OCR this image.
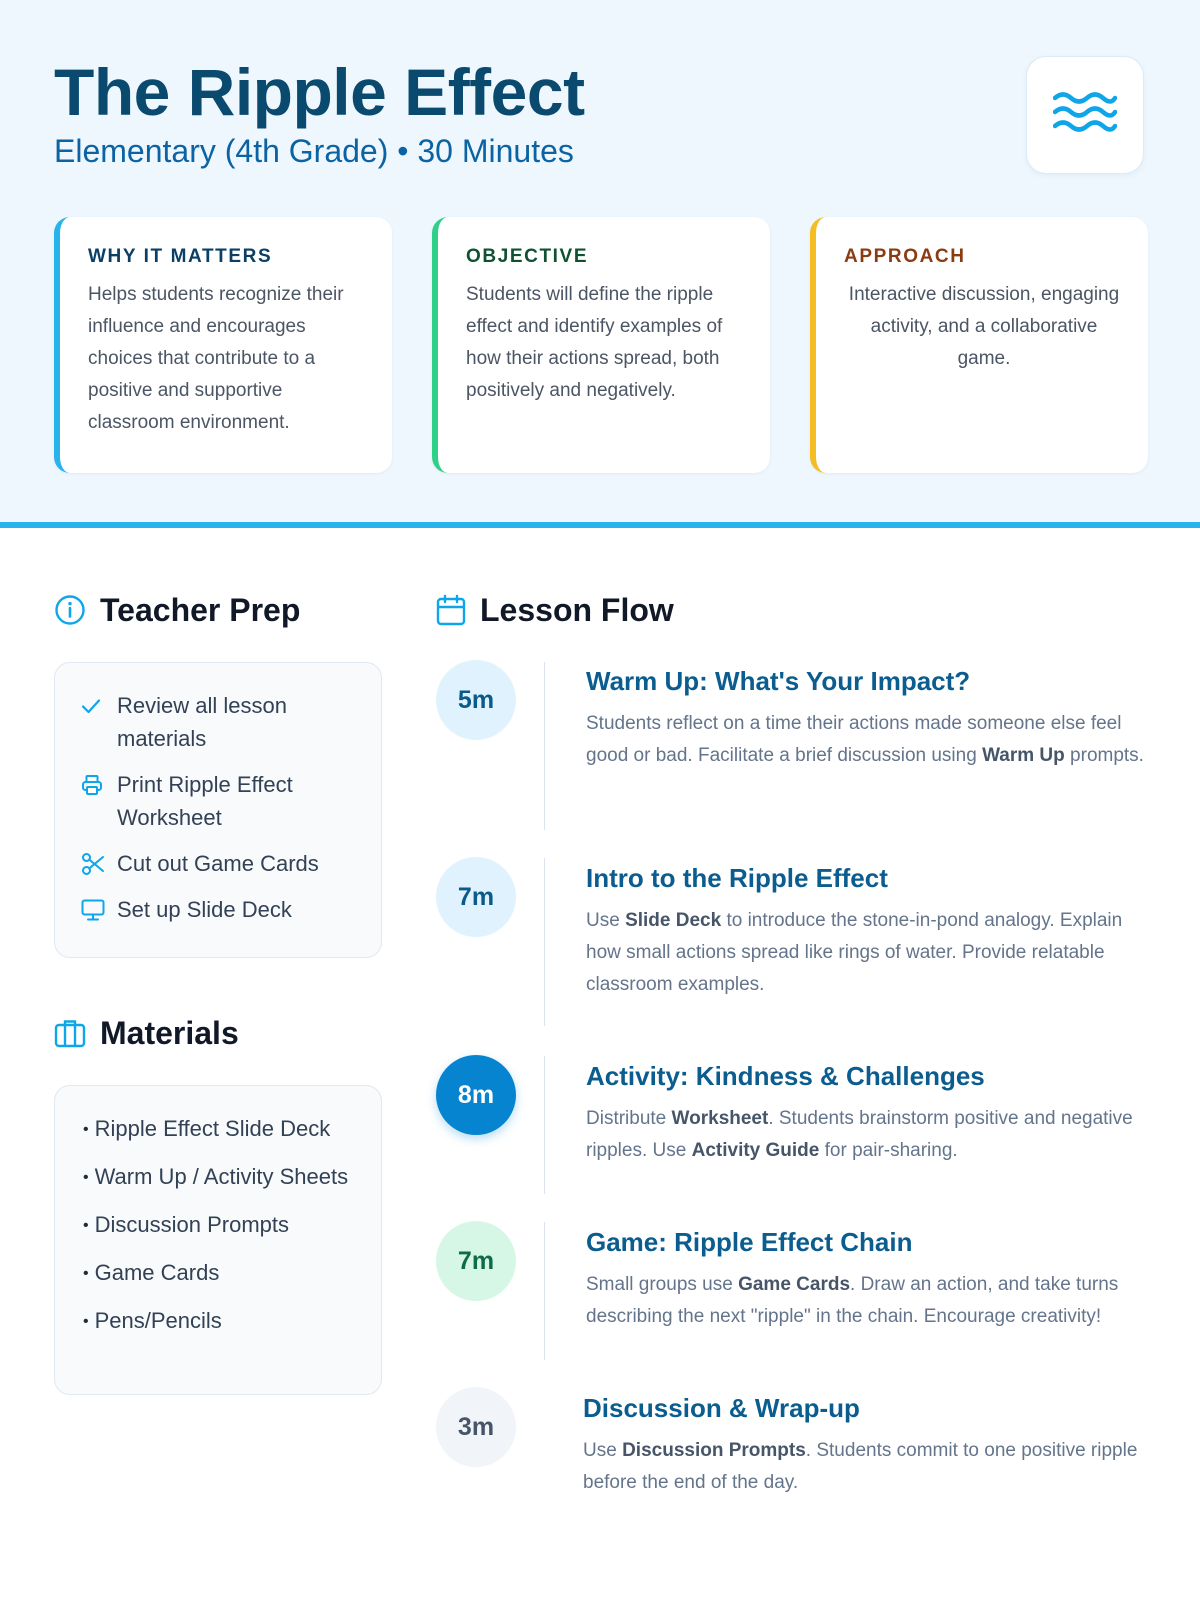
The Ripple Effect
Elementary (4th Grade) • 30 Minutes
WHY IT MATTERS

Helps students recognize their influence and encourages choices that contribute to a positive and supportive classroom environment.

OBJECTIVE

Students will define the ripple effect and identify examples of how their actions spread, both positively and negatively.

APPROACH

Interactive discussion, engaging activity, and a collaborative game.

Teacher Prep
Review all lesson materials
Print Ripple Effect Worksheet
Cut out Game Cards
Set up Slide Deck
Materials
• Ripple Effect Slide Deck
• Warm Up / Activity Sheets
• Discussion Prompts
• Game Cards
• Pens/Pencils
Lesson Flow
5m
Warm Up: What's Your Impact?

Students reflect on a time their actions made someone else feel good or bad. Facilitate a brief discussion using Warm Up prompts.

7m
Intro to the Ripple Effect

Use Slide Deck to introduce the stone-in-pond analogy. Explain how small actions spread like rings of water. Provide relatable classroom examples.

8m
Activity: Kindness & Challenges

Distribute Worksheet. Students brainstorm positive and negative ripples. Use Activity Guide for pair-sharing.

7m
Game: Ripple Effect Chain

Small groups use Game Cards. Draw an action, and take turns describing the next "ripple" in the chain. Encourage creativity!

3m
Discussion & Wrap-up

Use Discussion Prompts. Students commit to one positive ripple before the end of the day.
